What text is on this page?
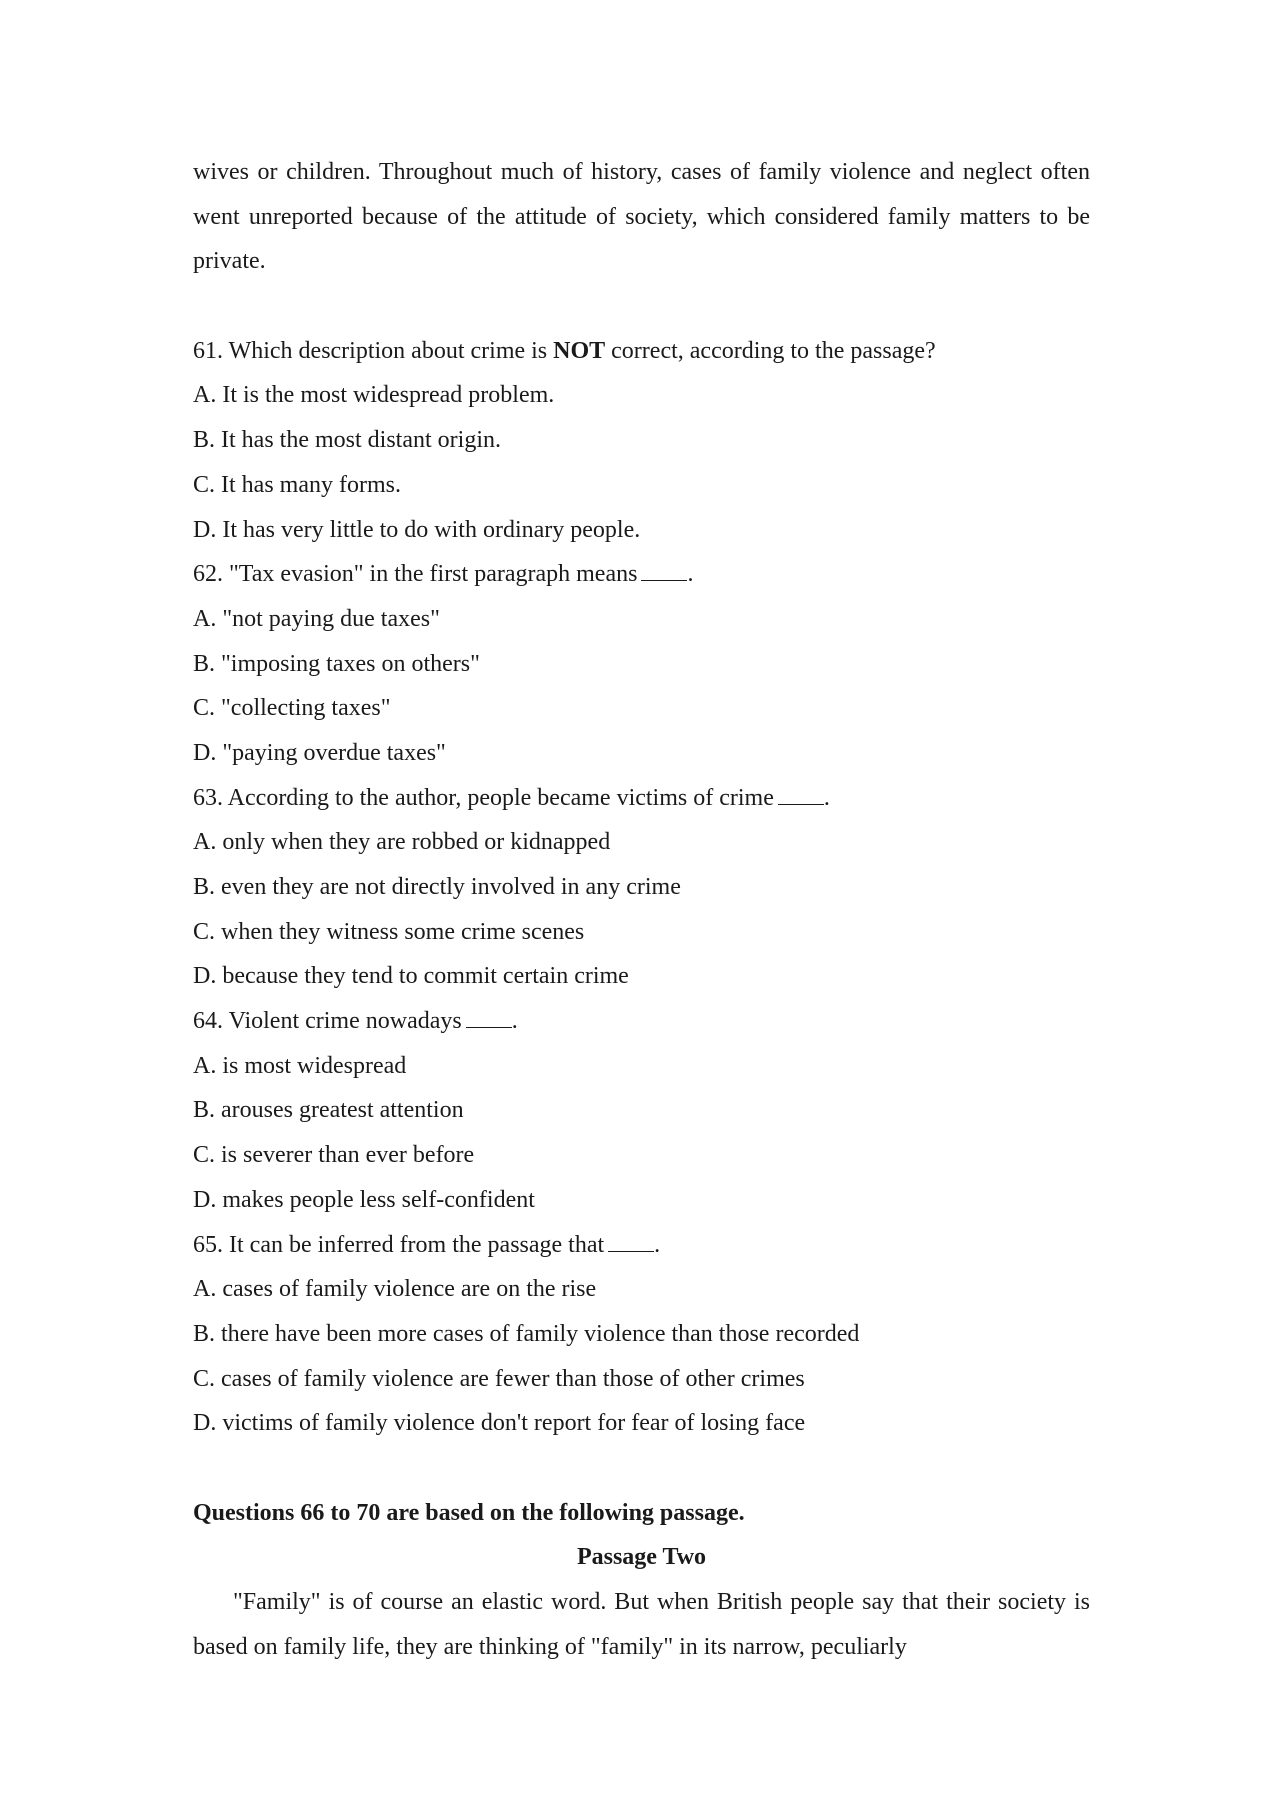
wives or children. Throughout much of history, cases of family violence and neglect often went unreported because of the attitude of society, which considered family matters to be private.

61. Which description about crime is NOT correct, according to the passage?

A. It is the most widespread problem.

B. It has the most distant origin.

C. It has many forms.

D. It has very little to do with ordinary people.

62. "Tax evasion" in the first paragraph means .

A. "not paying due taxes"

B. "imposing taxes on others"

C. "collecting taxes"

D. "paying overdue taxes"

63. According to the author, people became victims of crime .

A. only when they are robbed or kidnapped

B. even they are not directly involved in any crime

C. when they witness some crime scenes

D. because they tend to commit certain crime

64. Violent crime nowadays .

A. is most widespread

B. arouses greatest attention

C. is severer than ever before

D. makes people less self-confident

65. It can be inferred from the passage that .

A. cases of family violence are on the rise

B. there have been more cases of family violence than those recorded

C. cases of family violence are fewer than those of other crimes

D. victims of family violence don't report for fear of losing face

Questions 66 to 70 are based on the following passage.

Passage Two

"Family" is of course an elastic word. But when British people say that their society is based on family life, they are thinking of "family" in its narrow, peculiarly
